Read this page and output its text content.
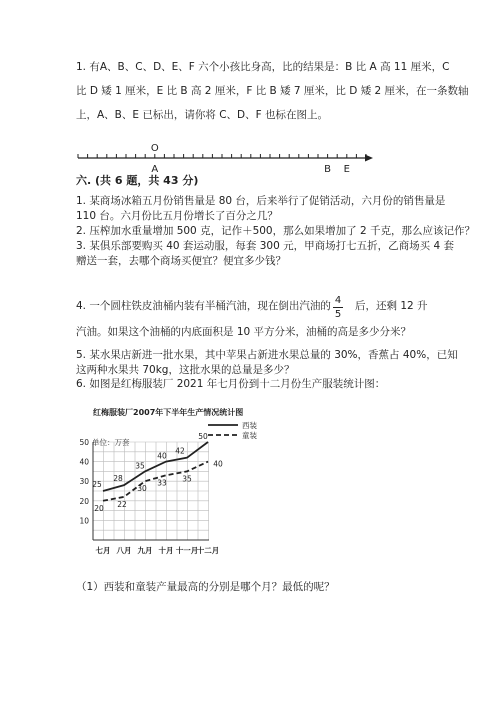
1. 有A、B、C、D、E、F 六个小孩比身高，比的结果是：B 比 A 高 11 厘米，C
比 D 矮 1 厘米，E 比 B 高 2 厘米，F 比 B 矮 7 厘米，比 D 矮 2 厘米，在一条数轴
上，A、B、E 已标出，请你将 C、D、F 也标在图上。
O
A	B E
六. (共 6 题，共 43 分)
1. 某商场冰箱五月份销售量是 80 台，后来举行了促销活动，六月份的销售量是
110 台。六月份比五月份增长了百分之几？
2. 压榨加水重量增加 500 克，记作＋500，那么如果增加了 2 千克，那么应该记作？
3. 某俱乐部要购买 40 套运动服，每套 300 元，甲商场打七五折，乙商场买 4 套
赠送一套，去哪个商场买便宜？便宜多少钱？
4. 一个圆柱铁皮油桶内装有半桶汽油，现在倒出汽油的 4
5
后，还剩 12 升
汽油。如果这个油桶的内底面积是 10 平方分米，油桶的高是多少分米？
5. 某水果店新进一批水果，其中苹果占新进水果总量的 30%，香蕉占 40%，已知
这两种水果共 70kg，这批水果的总量是多少？
6. 如图是红梅服装厂 2021 年七月份到十二月份生产服装统计图：
红梅服装厂2007年下半年生产情况统计图
单位：万套
10
20
30
40
50
七月 八月 九月 十月 十一月
十二月
25
28
35
40
42
50
20 22
30
33 35
40
西装
童装
（1）西装和童装产量最高的分别是哪个月？最低的呢？
